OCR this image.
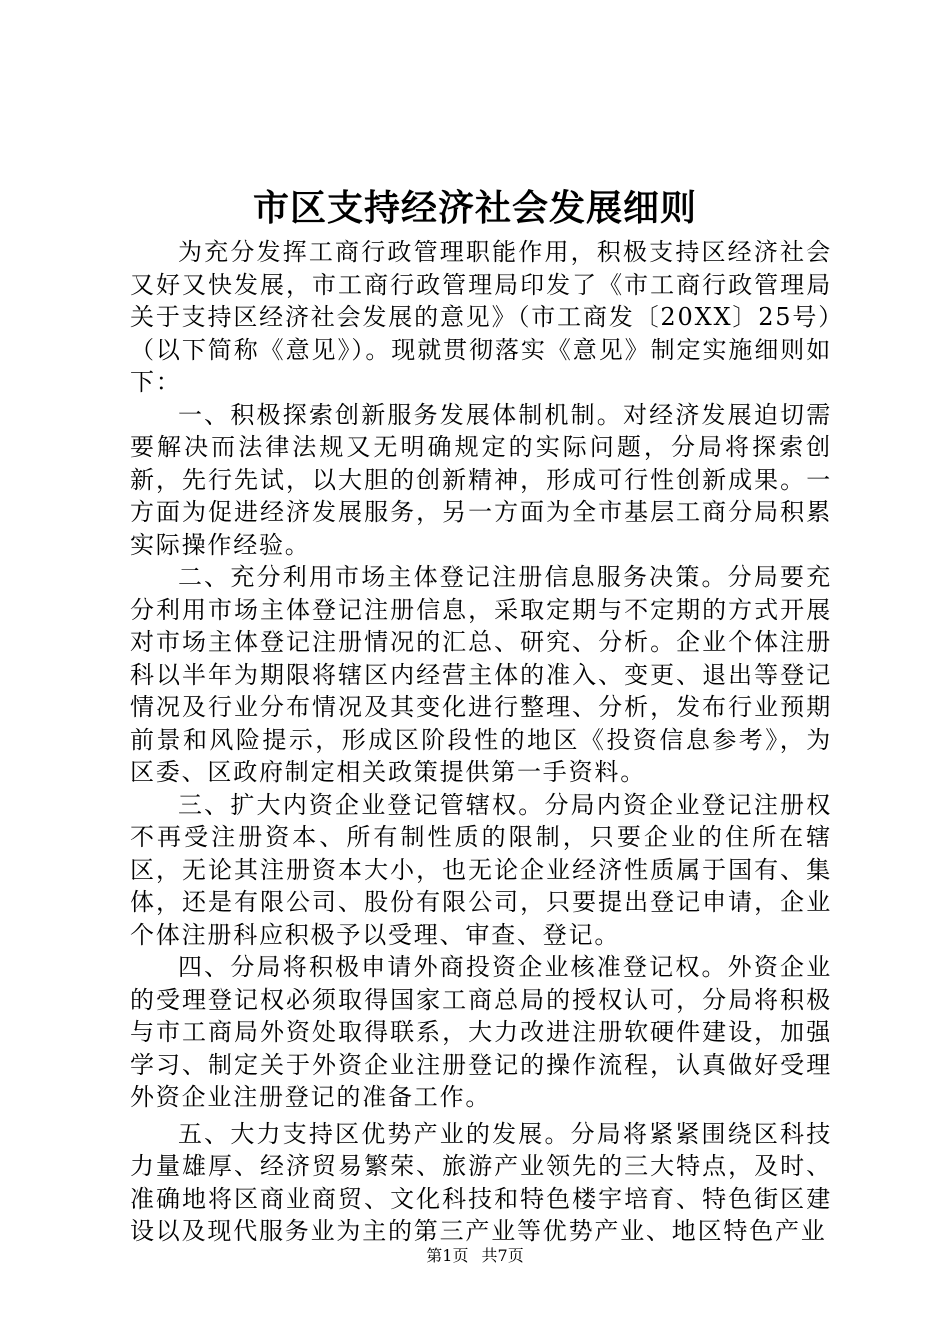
市区支持经济社会发展细则

为充分发挥工商行政管理职能作用，积极支持区经济社会又好又快发展，市工商行政管理局印发了《市工商行政管理局关于支持区经济社会发展的意见》（市工商发〔20XX〕25号）（以下简称《意见》）。现就贯彻落实《意见》制定实施细则如下：

一、积极探索创新服务发展体制机制。对经济发展迫切需要解决而法律法规又无明确规定的实际问题，分局将探索创新，先行先试，以大胆的创新精神，形成可行性创新成果。一方面为促进经济发展服务，另一方面为全市基层工商分局积累实际操作经验。

二、充分利用市场主体登记注册信息服务决策。分局要充分利用市场主体登记注册信息，采取定期与不定期的方式开展对市场主体登记注册情况的汇总、研究、分析。企业个体注册科以半年为期限将辖区内经营主体的准入、变更、退出等登记情况及行业分布情况及其变化进行整理、分析，发布行业预期前景和风险提示，形成区阶段性的地区《投资信息参考》，为区委、区政府制定相关政策提供第一手资料。

三、扩大内资企业登记管辖权。分局内资企业登记注册权不再受注册资本、所有制性质的限制，只要企业的住所在辖区，无论其注册资本大小，也无论企业经济性质属于国有、集体，还是有限公司、股份有限公司，只要提出登记申请，企业个体注册科应积极予以受理、审查、登记。

四、分局将积极申请外商投资企业核准登记权。外资企业的受理登记权必须取得国家工商总局的授权认可，分局将积极与市工商局外资处取得联系，大力改进注册软硬件建设，加强学习、制定关于外资企业注册登记的操作流程，认真做好受理外资企业注册登记的准备工作。

五、大力支持区优势产业的发展。分局将紧紧围绕区科技力量雄厚、经济贸易繁荣、旅游产业领先的三大特点，及时、准确地将区商业商贸、文化科技和特色楼宇培育、特色街区建设以及现代服务业为主的第三产业等优势产业、地区特色产业

第1页 共7页
